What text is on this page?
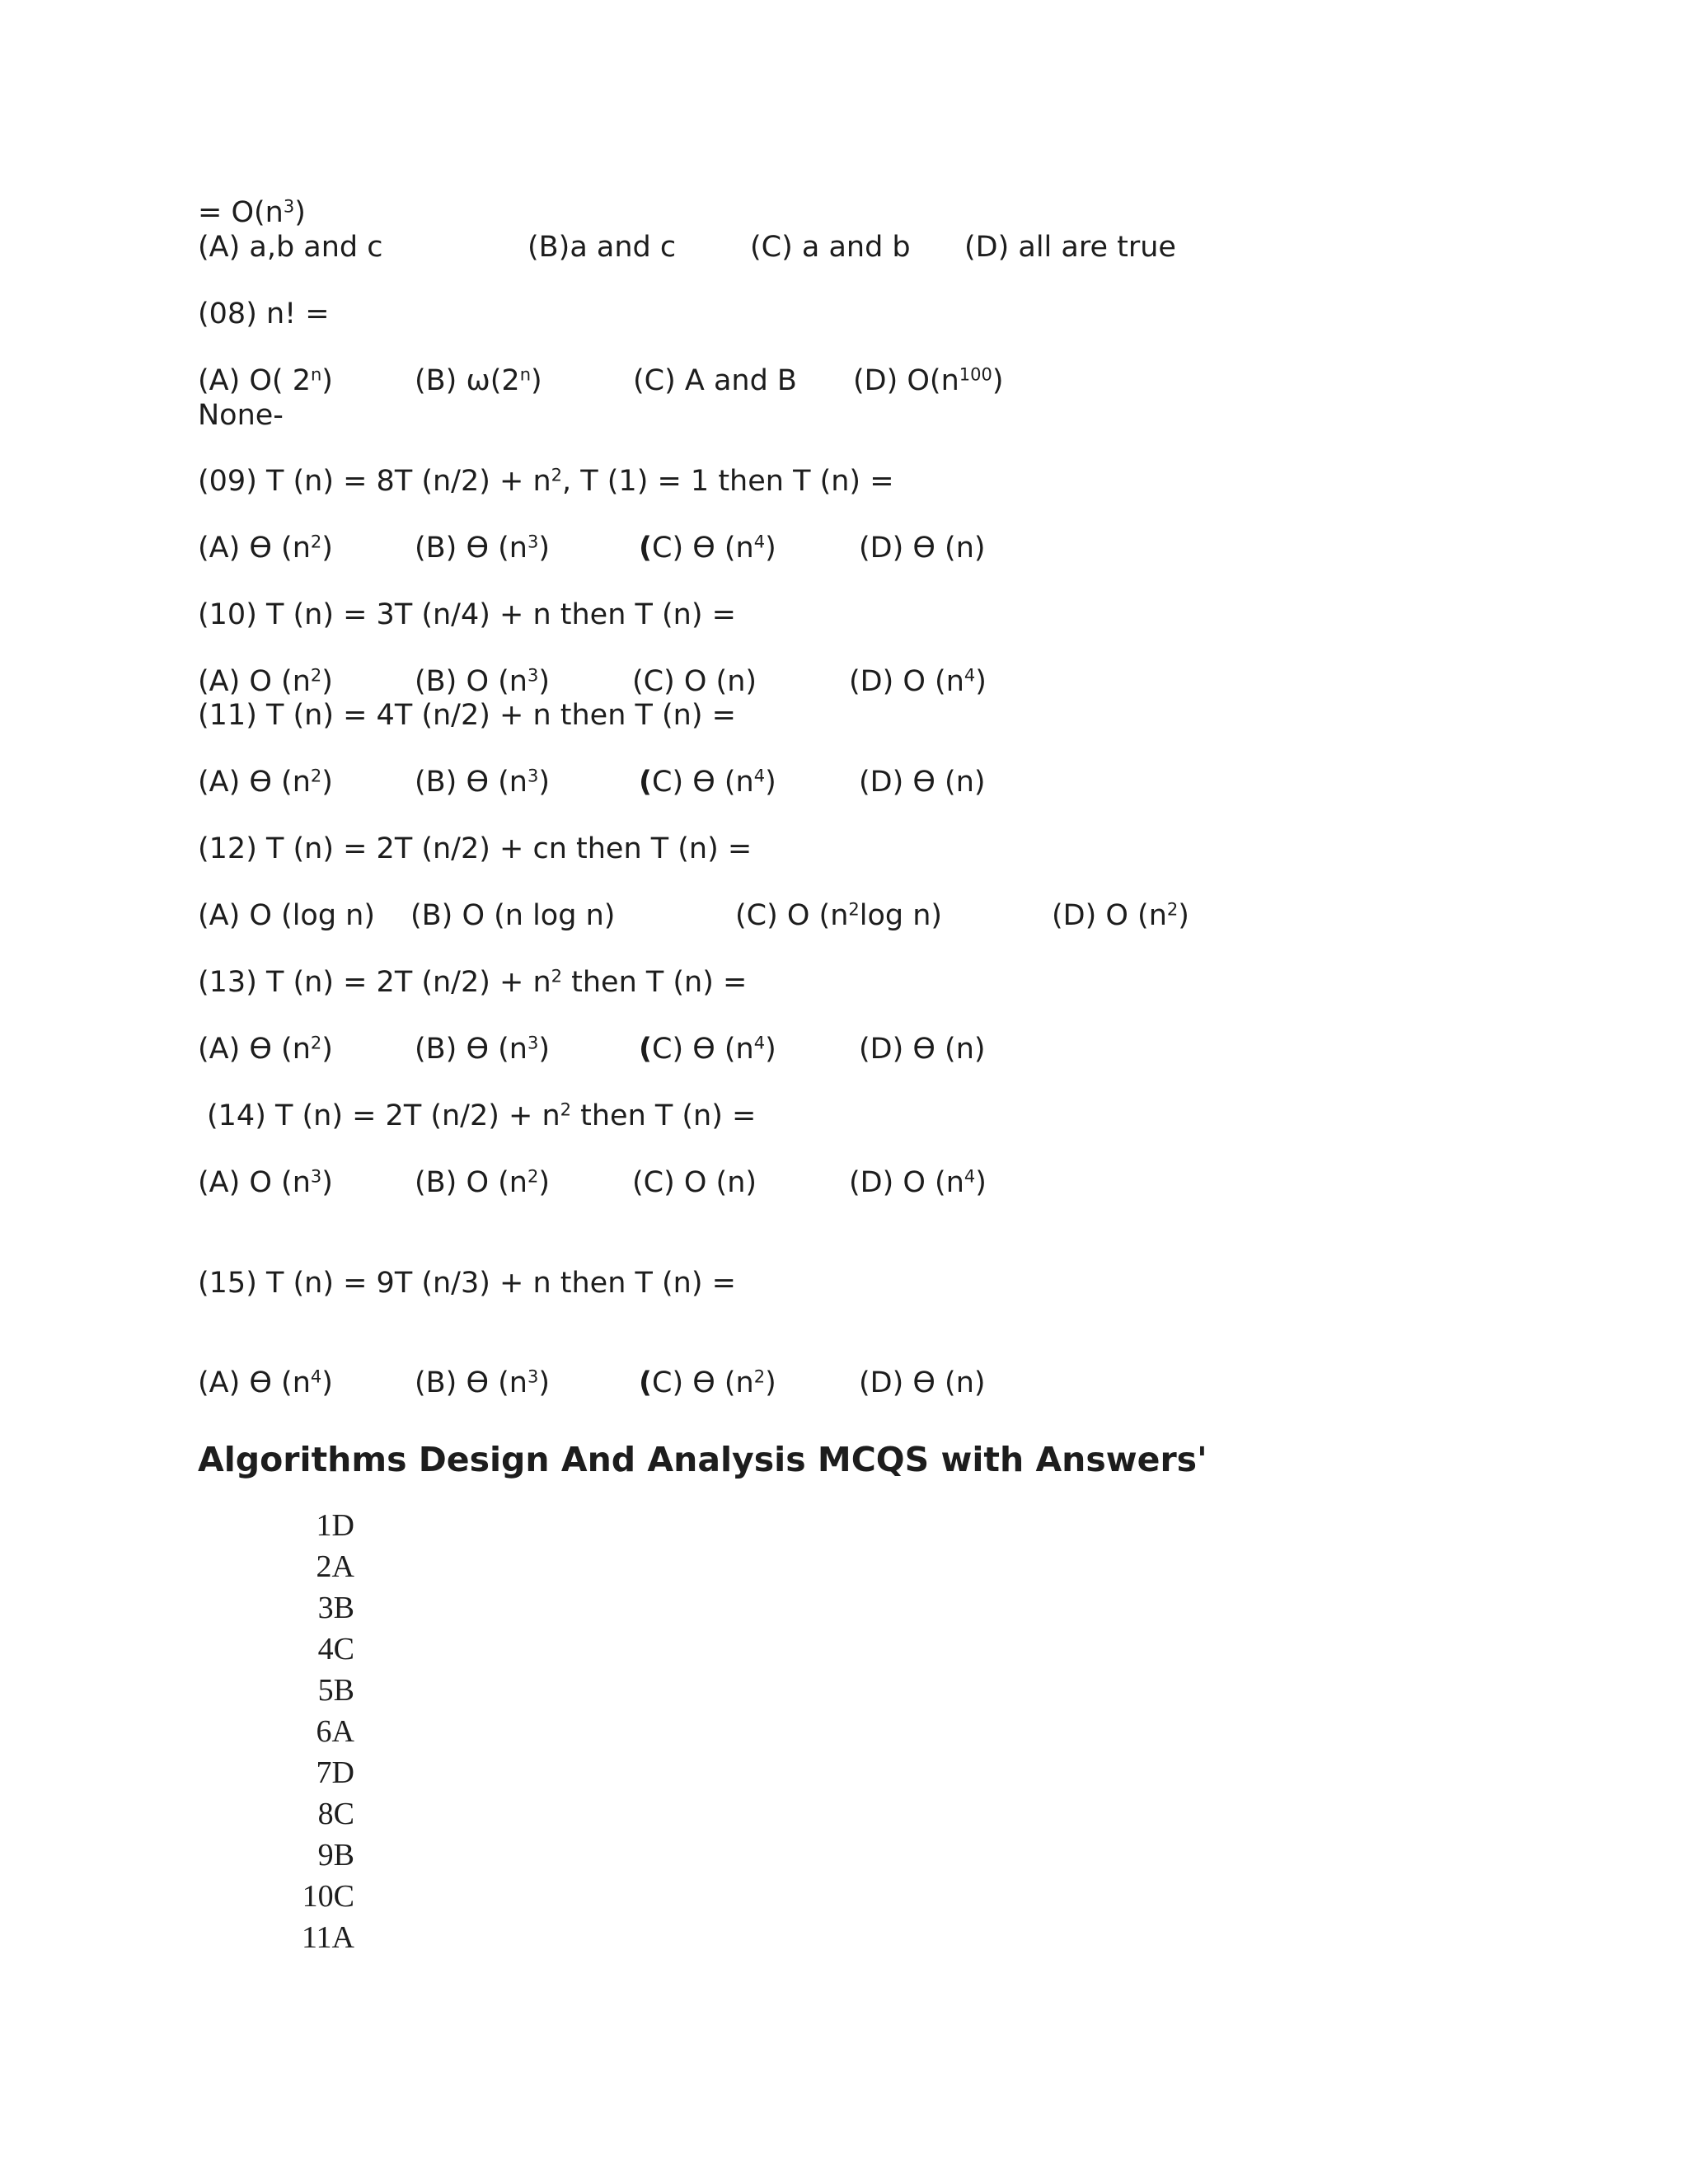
= $O(n^3)$
(A) a,b and c	(B)a and c	(C) a and b (D) all are true
(08) n! =
(A) O( 2$^n$)	(B) ω(2$^n$)	(C) A and B (D) $O(n^{100})$
None-
(09) T (n) = 8T $(n/2) + n^2$, T (1) = 1 then T (n) =
(A) Ө $(n^2)$	(B) Ө $(n^3)$	(C) Ө $(n^4)$	(D) Ө (n)
(10) T (n) = 3T (n/4) + n then T (n) =
(A) O $(n^2)$	(B) O $(n^3)$	(C) O (n)	(D) O $(n^4)$
(11) T (n) = 4T (n/2) + n then T (n) =
(A) Ө $(n^2)$	(B) Ө $(n^3)$	(C) Ө $(n^4)$	(D) Ө (n)
(12) T (n) = 2T (n/2) + cn then T (n) =
(A) O (log n) (B) O (n log n)	(C) O ($n^2\log$ n)	(D) O $(n^2)$
(13) T (n) = 2T $(n/2) + n^2$ then T (n) =
(A) Ө $(n^2)$	(B) Ө $(n^3)$	(C) Ө $(n^4)$	(D) Ө (n)
(14) T (n) = 2T $(n/2) + n^2$ then T (n) =
(A) O $(n^3)$	(B) O $(n^2)$	(C) O (n)	(D) O $(n^4)$
(15) T (n) = 9T (n/3) + n then T (n) =
(A) Ө $(n^4)$	(B) Ө $(n^3)$	(C) Ө $(n^2)$	(D) Ө (n)
Algorithms Design And Analysis MCQS with Answers'
1D
2A
3B
4C
5B
6A
7D
8C
9B
10C
11A
